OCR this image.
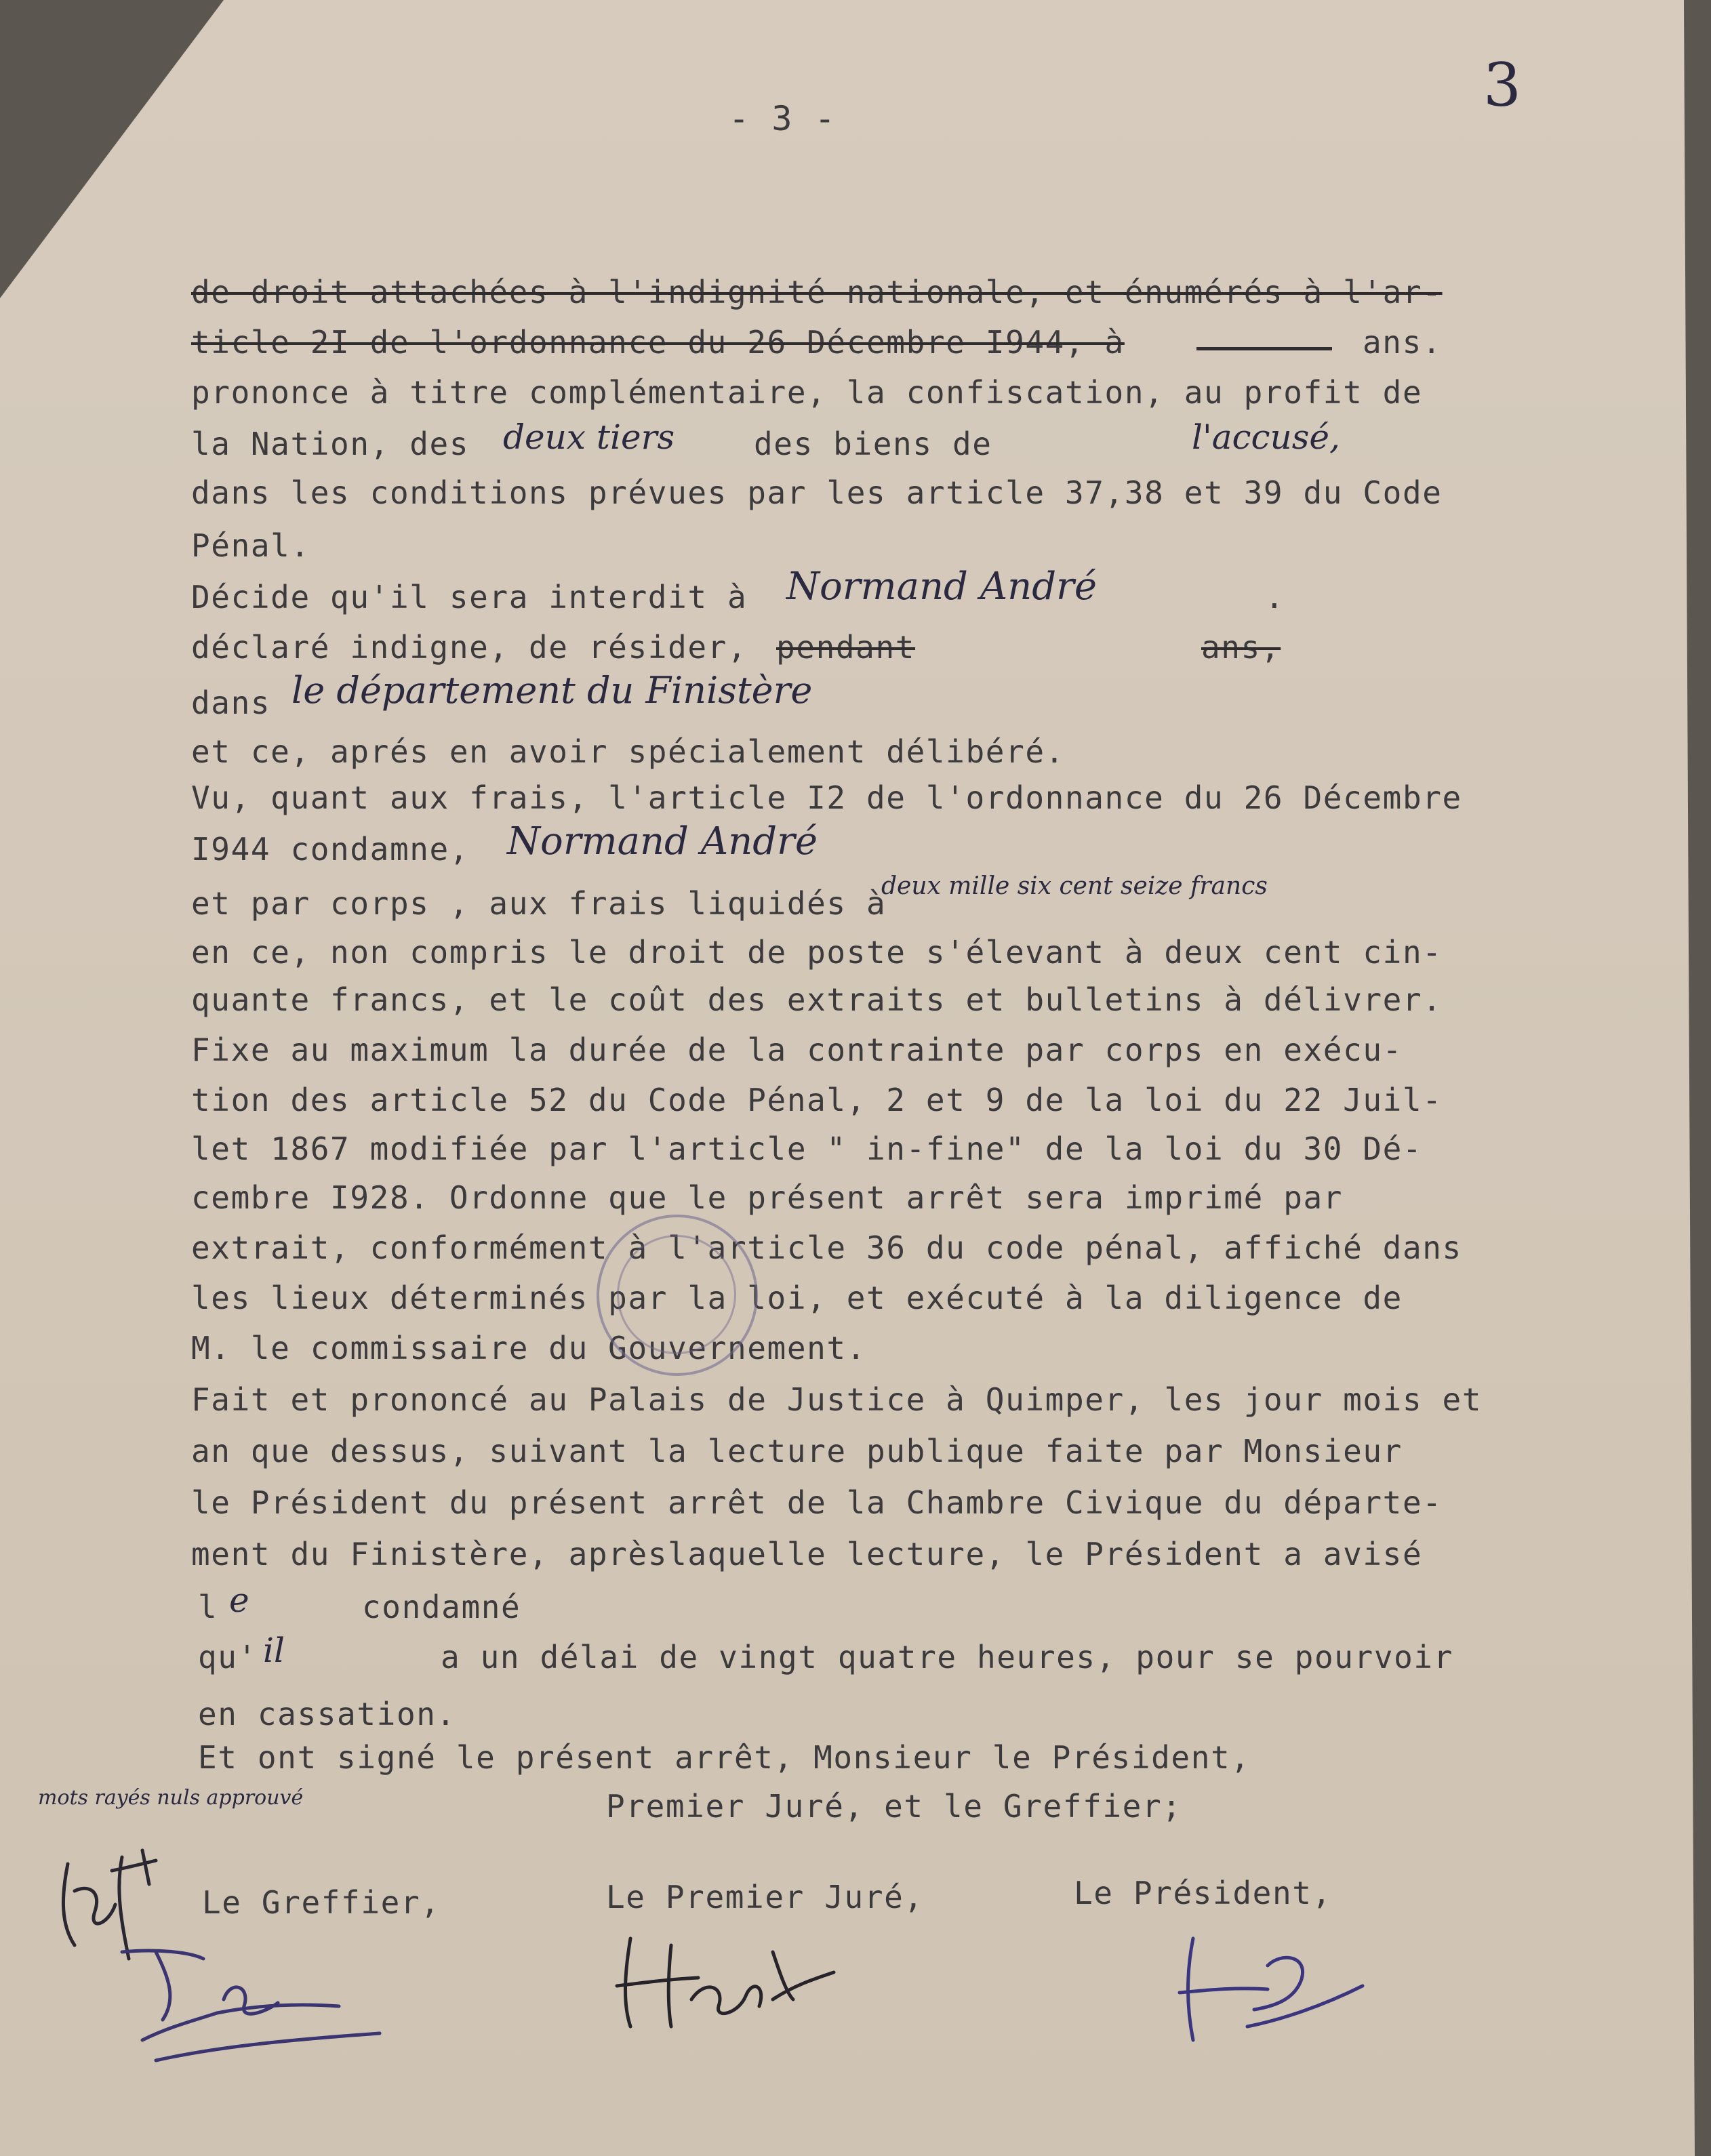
- 3 -	3
de droit attachées à l'indignité nationale, et énumérés à l'ar-
ticle 2I de l'ordonnance du 26 Décembre I944, à	ans.
prononce à titre complémentaire, la confiscation, au profit de
la Nation, des deux tiers	des biens de	l'accusé,
dans les conditions prévues par les article 37,38 et 39 du Code
Pénal.
Décide qu'il sera interdit à Normand André	.
déclaré indigne, de résider, pendant	ans,
dans le département du Finistère
et ce, aprés en avoir spécialement délibéré.
Vu, quant aux frais, l'article I2 de l'ordonnance du 26 Décembre
I944 condamne, Normand André
et par corps , aux frais liquidés à
deux mille six cent seize francs
en ce, non compris le droit de poste s'élevant à deux cent cin-
quante francs, et le coût des extraits et bulletins à délivrer.
Fixe au maximum la durée de la contrainte par corps en exécu-
tion des article 52 du Code Pénal, 2 et 9 de la loi du 22 Juil-
let 1867 modifiée par l'article " in-fine" de la loi du 30 Dé-
cembre I928. Ordonne que le présent arrêt sera imprimé par
extrait, conformément à l'article 36 du code pénal, affiché dans
les lieux déterminés par la loi, et exécuté à la diligence de
M. le commissaire du Gouvernement.
Fait et prononcé au Palais de Justice à Quimper, les jour mois et
an que dessus, suivant la lecture publique faite par Monsieur
le Président du présent arrêt de la Chambre Civique du départe-
ment du Finistère, aprèslaquelle lecture, le Président a avisé
l e	condamné
qu' il	a un délai de vingt quatre heures, pour se pourvoir
en cassation.
Et ont signé le présent arrêt, Monsieur le Président,
Premier Juré, et le Greffier;
mots rayés nuls approuvé
Le Greffier,	Le Premier Juré,	Le Président,
